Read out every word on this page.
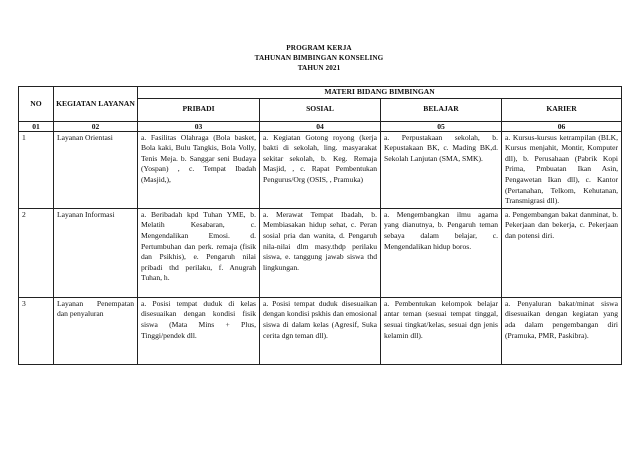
PROGRAM KERJA
TAHUNAN BIMBINGAN KONSELING
TAHUN 2021
NO	KEGIATAN LAYANAN	MATERI BIDANG BIMBINGAN			
		PRIBADI	SOSIAL	BELAJAR	KARIER
01	02	03	04	05	06
1	Layanan Orientasi	a. Fasilitas Olahraga (Bola basket, Bola kaki, Bulu Tangkis, Bola Volly, Tenis Meja. b. Sanggar seni Budaya (Yospan) , c. Tempat Ibadah (Masjid,),	a. Kegiatan Gotong royong (kerja bakti di sekolah, ling. masyarakat sekitar sekolah, b. Keg. Remaja Masjid, , c. Rapat Pembentukan Pengurus/Org (OSIS, , Pramuka)	a. Perpustakaan sekolah, b. Kepustakaan BK, c. Mading BK,d. Sekolah Lanjutan (SMA, SMK).	a. Kursus-kursus ketrampilan (BLK, Kursus menjahit, Montir, Komputer dll), b. Perusahaan (Pabrik Kopi Prima, Pmbuatan Ikan Asin, Pengawetan Ikan dll), c. Kantor (Pertanahan, Telkom, Kehutanan, Transmigrasi dll).
2	Layanan Informasi	a. Beribadah kpd Tuhan YME, b. Melatih Kesabaran, c. Mengendalikan Emosi. d. Pertumbuhan dan perk. remaja (fisik dan Psikhis), e. Pengaruh nilai pribadi thd perilaku, f. Anugrah Tuhan, h.	a. Merawat Tempat Ibadah, b. Membiasakan hidup sehat, c. Peran sosial pria dan wanita, d. Pengaruh nila-nilai dlm masy.thdp perilaku siswa, e. tanggung jawab siswa thd lingkungan.	a. Mengembangkan ilmu agama yang dianutnya, b. Pengaruh teman sebaya dalam belajar, c. Mengendalikan hidup boros.	a. Pengembangan bakat danminat, b. Pekerjaan dan bekerja, c. Pekerjaan dan potensi diri.
3	Layanan Penempatan dan penyaluran	a. Posisi tempat duduk di kelas disesuaikan dengan kondisi fisik siswa (Mata Mins + Plus, Tinggi/pendek dll.	a. Posisi tempat duduk disesuaikan dengan kondisi pskhis dan emosional siswa di dalam kelas (Agresif, Suka cerita dgn teman dll).	a. Pembentukan kelompok belajar antar teman (sesuai tempat tinggal, sesuai tingkat/kelas, sesuai dgn jenis kelamin dll).	a. Penyaluran bakat/minat siswa disesuaikan dengan kegiatan yang ada dalam pengembangan diri (Pramuka, PMR, Paskibra).
